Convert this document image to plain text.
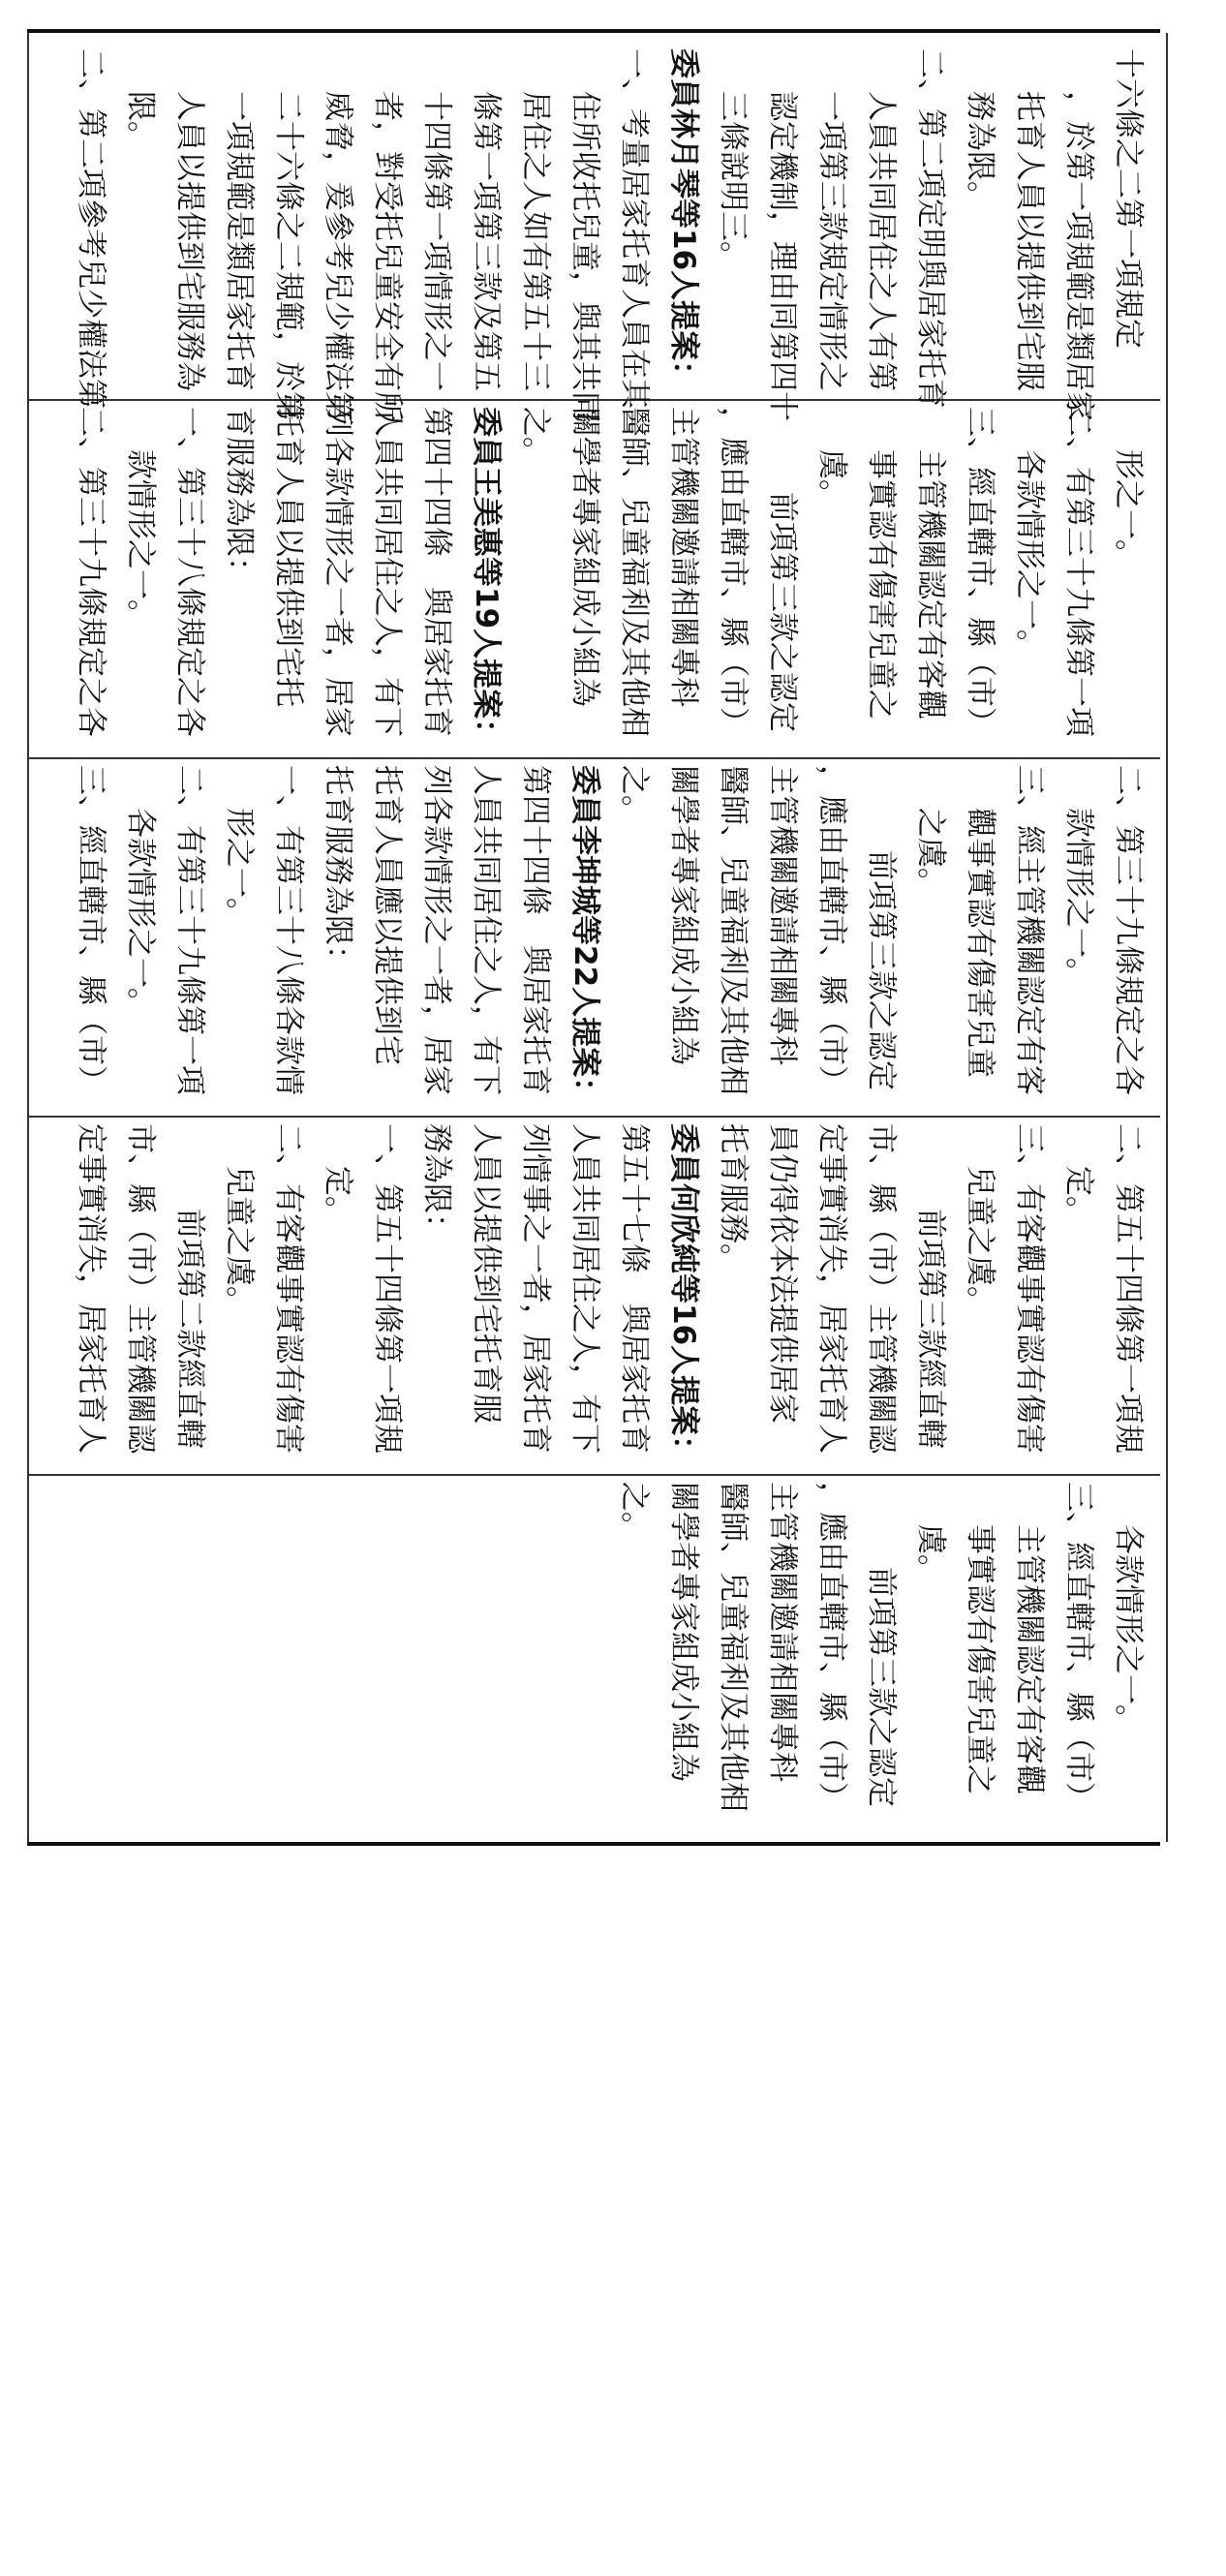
十六條之二第一項規定
，於第一項規範是類居家
托育人員以提供到宅服
務為限。
二、第二項定明與居家托育
人員共同居住之人有第
一項第三款規定情形之
認定機制，理由同第四十
三條說明三。
委員林月琴等16人提案：
一、考量居家托育人員在其
住所收托兒童，與其共同
居住之人如有第五十三
條第一項第三款及第五
十四條第一項情形之一
者，對受托兒童安全有所
威脅，爰參考兒少權法第
二十六條之二規範，於第
一項規範是類居家托育
人員以提供到宅服務為
限。
二、第二項參考兒少權法第
形之一。
二、有第三十九條第一項
各款情形之一。
三、經直轄市、縣（市）
主管機關認定有客觀
事實認有傷害兒童之
虞。
前項第三款之認定
，應由直轄市、縣（市）
主管機關邀請相關專科
醫師、兒童福利及其他相
關學者專家組成小組為
之。
委員王美惠等19人提案：
第四十四條　與居家托育
人員共同居住之人，有下
列各款情形之一者，居家
托育人員以提供到宅托
育服務為限：
一、第三十八條規定之各
款情形之一。
二、第三十九條規定之各
二、第三十九條規定之各
款情形之一。
三、經主管機關認定有客
觀事實認有傷害兒童
之虞。
前項第三款之認定
，應由直轄市、縣（市）
主管機關邀請相關專科
醫師、兒童福利及其他相
關學者專家組成小組為
之。
委員李坤城等22人提案：
第四十四條　與居家托育
人員共同居住之人，有下
列各款情形之一者，居家
托育人員應以提供到宅
托育服務為限：
一、有第三十八條各款情
形之一。
二、有第三十九條第一項
各款情形之一。
三、經直轄市、縣（市）
二、第五十四條第一項規
定。
三、有客觀事實認有傷害
兒童之虞。
前項第三款經直轄
市、縣（市）主管機關認
定事實消失，居家托育人
員仍得依本法提供居家
托育服務。
委員何欣純等16人提案：
第五十七條　與居家托育
人員共同居住之人，有下
列情事之一者，居家托育
人員以提供到宅托育服
務為限：
一、第五十四條第一項規
定。
二、有客觀事實認有傷害
兒童之虞。
前項第二款經直轄
市、縣（市）主管機關認
定事實消失，居家托育人
各款情形之一。
三、經直轄市、縣（市）
主管機關認定有客觀
事實認有傷害兒童之
虞。
前項第三款之認定
，應由直轄市、縣（市）
主管機關邀請相關專科
醫師、兒童福利及其他相
關學者專家組成小組為
之。
